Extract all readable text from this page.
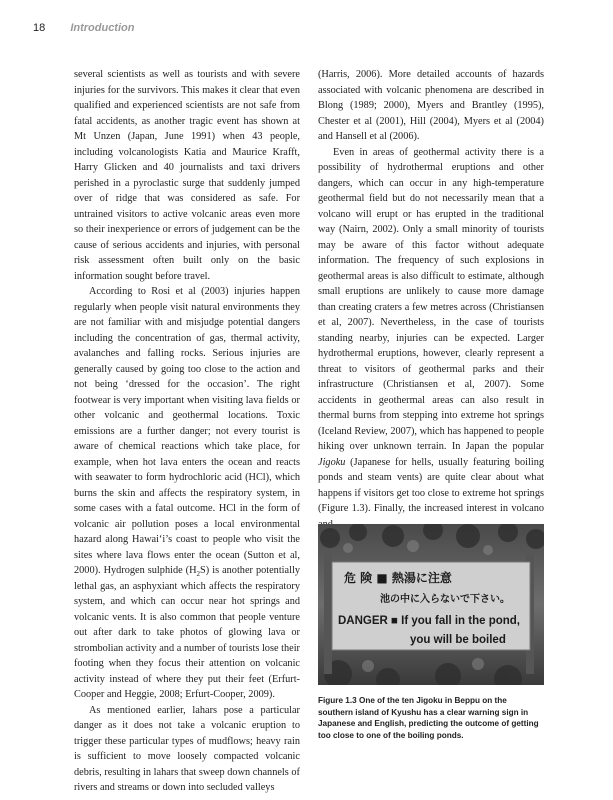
18 Introduction

several scientists as well as tourists and with severe injuries for the survivors. This makes it clear that even qualified and experienced scientists are not safe from fatal accidents, as another tragic event has shown at Mt Unzen (Japan, June 1991) when 43 people, including volcanologists Katia and Maurice Krafft, Harry Glicken and 40 journalists and taxi drivers perished in a pyroclastic surge that suddenly jumped over of ridge that was considered as safe. For untrained visitors to active volcanic areas even more so their inexperience or errors of judgement can be the cause of serious accidents and injuries, with personal risk assessment often built only on the basic information sought before travel.

According to Rosi et al (2003) injuries happen regularly when people visit natural environments they are not familiar with and misjudge potential dangers including the concentration of gas, thermal activity, avalanches and falling rocks. Serious injuries are generally caused by going too close to the action and not being ‘dressed for the occasion’. The right footwear is very important when visiting lava fields or other volcanic and geothermal locations. Toxic emissions are a further danger; not every tourist is aware of chemical reactions which take place, for example, when hot lava enters the ocean and reacts with seawater to form hydrochloric acid (HCl), which burns the skin and affects the respiratory system, in some cases with a fatal outcome. HCl in the form of volcanic air pollution poses a local environmental hazard along Hawai‘i’s coast to people who visit the sites where lava flows enter the ocean (Sutton et al, 2000). Hydrogen sulphide $(H_2S)$ is another potentially lethal gas, an asphyxiant which affects the respiratory system, and which can occur near hot springs and volcanic vents. It is also common that people venture out after dark to take photos of glowing lava or strombolian activity and a number of tourists lose their footing when they focus their attention on volcanic activity instead of where they put their feet (Erfurt-Cooper and Heggie, 2008; Erfurt-Cooper, 2009).

As mentioned earlier, lahars pose a particular danger as it does not take a volcanic eruption to trigger these particular types of mudflows; heavy rain is sufficient to move loosely compacted volcanic debris, resulting in lahars that sweep down channels of rivers and streams or down into secluded valleys

(Harris, 2006). More detailed accounts of hazards associated with volcanic phenomena are described in Blong (1989; 2000), Myers and Brantley (1995), Chester et al (2001), Hill (2004), Myers et al (2004) and Hansell et al (2006).

Even in areas of geothermal activity there is a possibility of hydrothermal eruptions and other dangers, which can occur in any high-temperature geothermal field but do not necessarily mean that a volcano will erupt or has erupted in the traditional way (Nairn, 2002). Only a small minority of tourists may be aware of this factor without adequate information. The frequency of such explosions in geothermal areas is also difficult to estimate, although small eruptions are unlikely to cause more damage than creating craters a few metres across (Christiansen et al, 2007). Nevertheless, in the case of tourists standing nearby, injuries can be expected. Larger hydrothermal eruptions, however, clearly represent a threat to visitors of geothermal parks and their infrastructure (Christiansen et al, 2007). Some accidents in geothermal areas can also result in thermal burns from stepping into extreme hot springs (Iceland Review, 2007), which has happened to people hiking over unknown terrain. In Japan the popular Jigoku (Japanese for hells, usually featuring boiling ponds and steam vents) are quite clear about what happens if visitors get too close to extreme hot springs (Figure 1.3). Finally, the increased interest in volcano

危 険 ■ 熱湯に注意
池の中に入らないで下さい。
DANGER ■ If you fall in the pond,
you will be boiled
Figure 1.3 One of the ten Jigoku in Beppu on the southern island of Kyushu has a clear warning sign in Japanese and English, predicting the outcome of getting too close to one of the boiling ponds.
